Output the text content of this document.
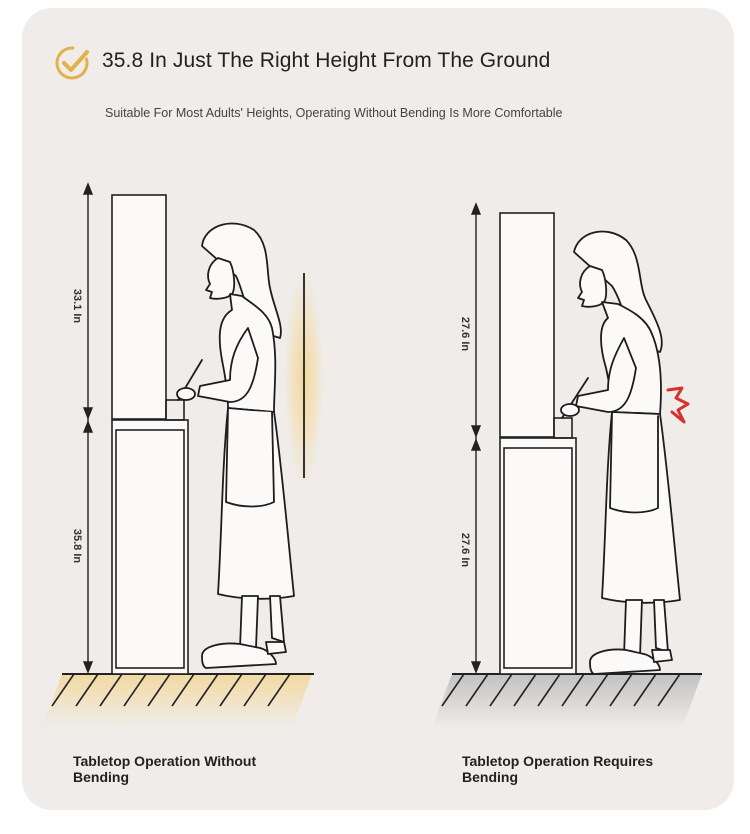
35.8 In Just The Right Height From The Ground
Suitable For Most Adults' Heights, Operating Without Bending Is More Comfortable
33.1 In
35.8 In
27.6 In
27.6 In
Tabletop Operation Without Bending
Tabletop Operation Requires Bending
